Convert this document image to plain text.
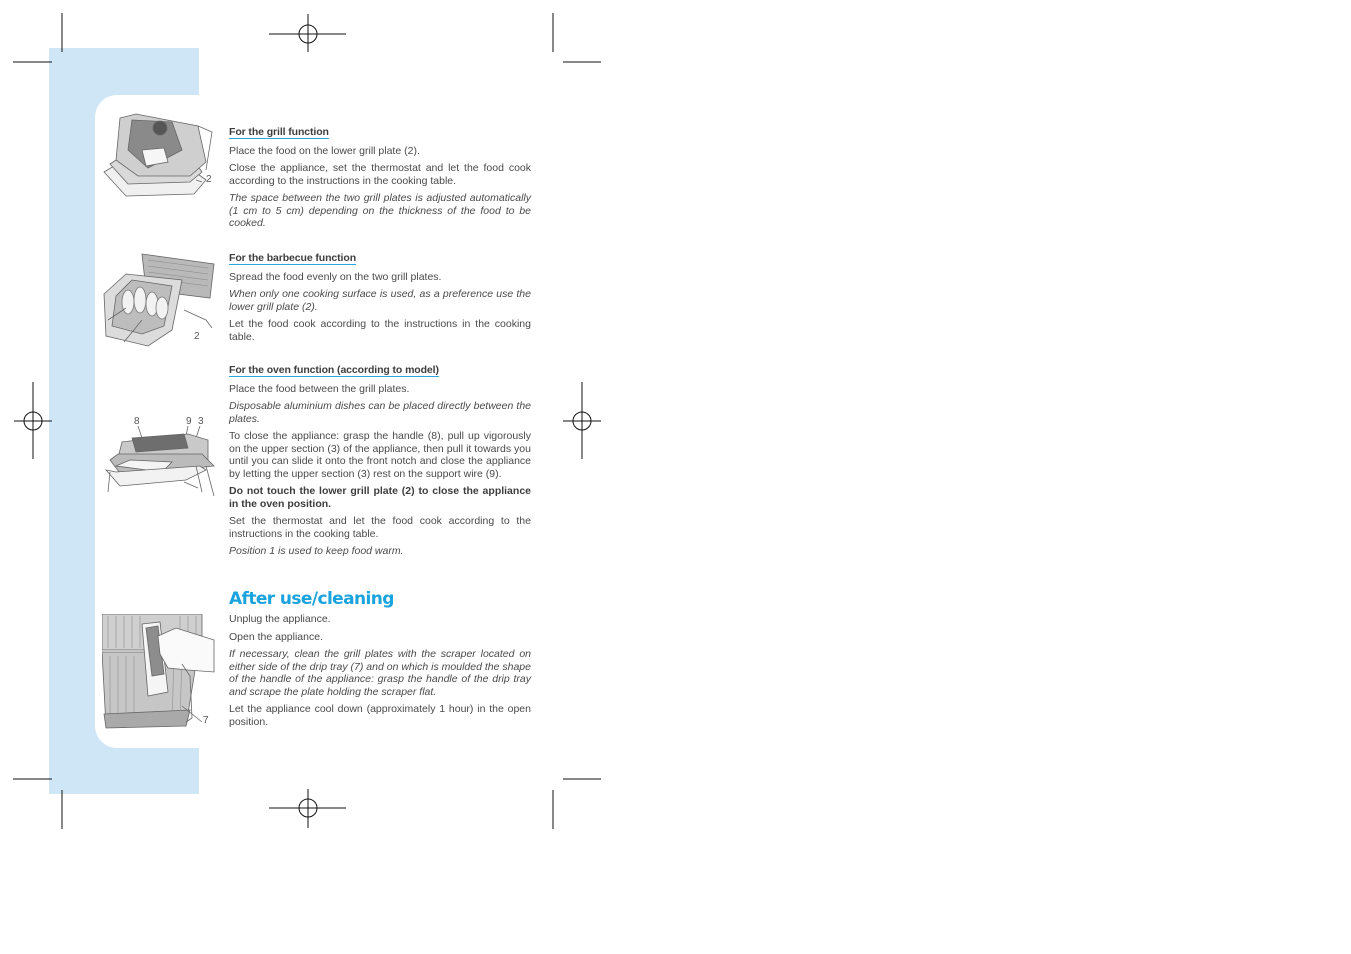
2
2
8	9 3
7
For the grill function

Place the food on the lower grill plate (2).

Close the appliance, set the thermostat and let the food cook according to the instructions in the cooking table.

The space between the two grill plates is adjusted automatically (1 cm to 5 cm) depending on the thickness of the food to be cooked.

For the barbecue function

Spread the food evenly on the two grill plates.

When only one cooking surface is used, as a preference use the lower grill plate (2).

Let the food cook according to the instructions in the cooking table.

For the oven function (according to model)

Place the food between the grill plates.

Disposable aluminium dishes can be placed directly between the plates.

To close the appliance: grasp the handle (8), pull up vigorously on the upper section (3) of the appliance, then pull it towards you until you can slide it onto the front notch and close the appliance by letting the upper section (3) rest on the support wire (9).

Do not touch the lower grill plate (2) to close the appliance in the oven position.

Set the thermostat and let the food cook according to the instructions in the cooking table.

Position 1 is used to keep food warm.

After use/cleaning

Unplug the appliance.

Open the appliance.

If necessary, clean the grill plates with the scraper located on either side of the drip tray (7) and on which is moulded the shape of the handle of the appliance: grasp the handle of the drip tray and scrape the plate holding the scraper flat.

Let the appliance cool down (approximately 1 hour) in the open position.
